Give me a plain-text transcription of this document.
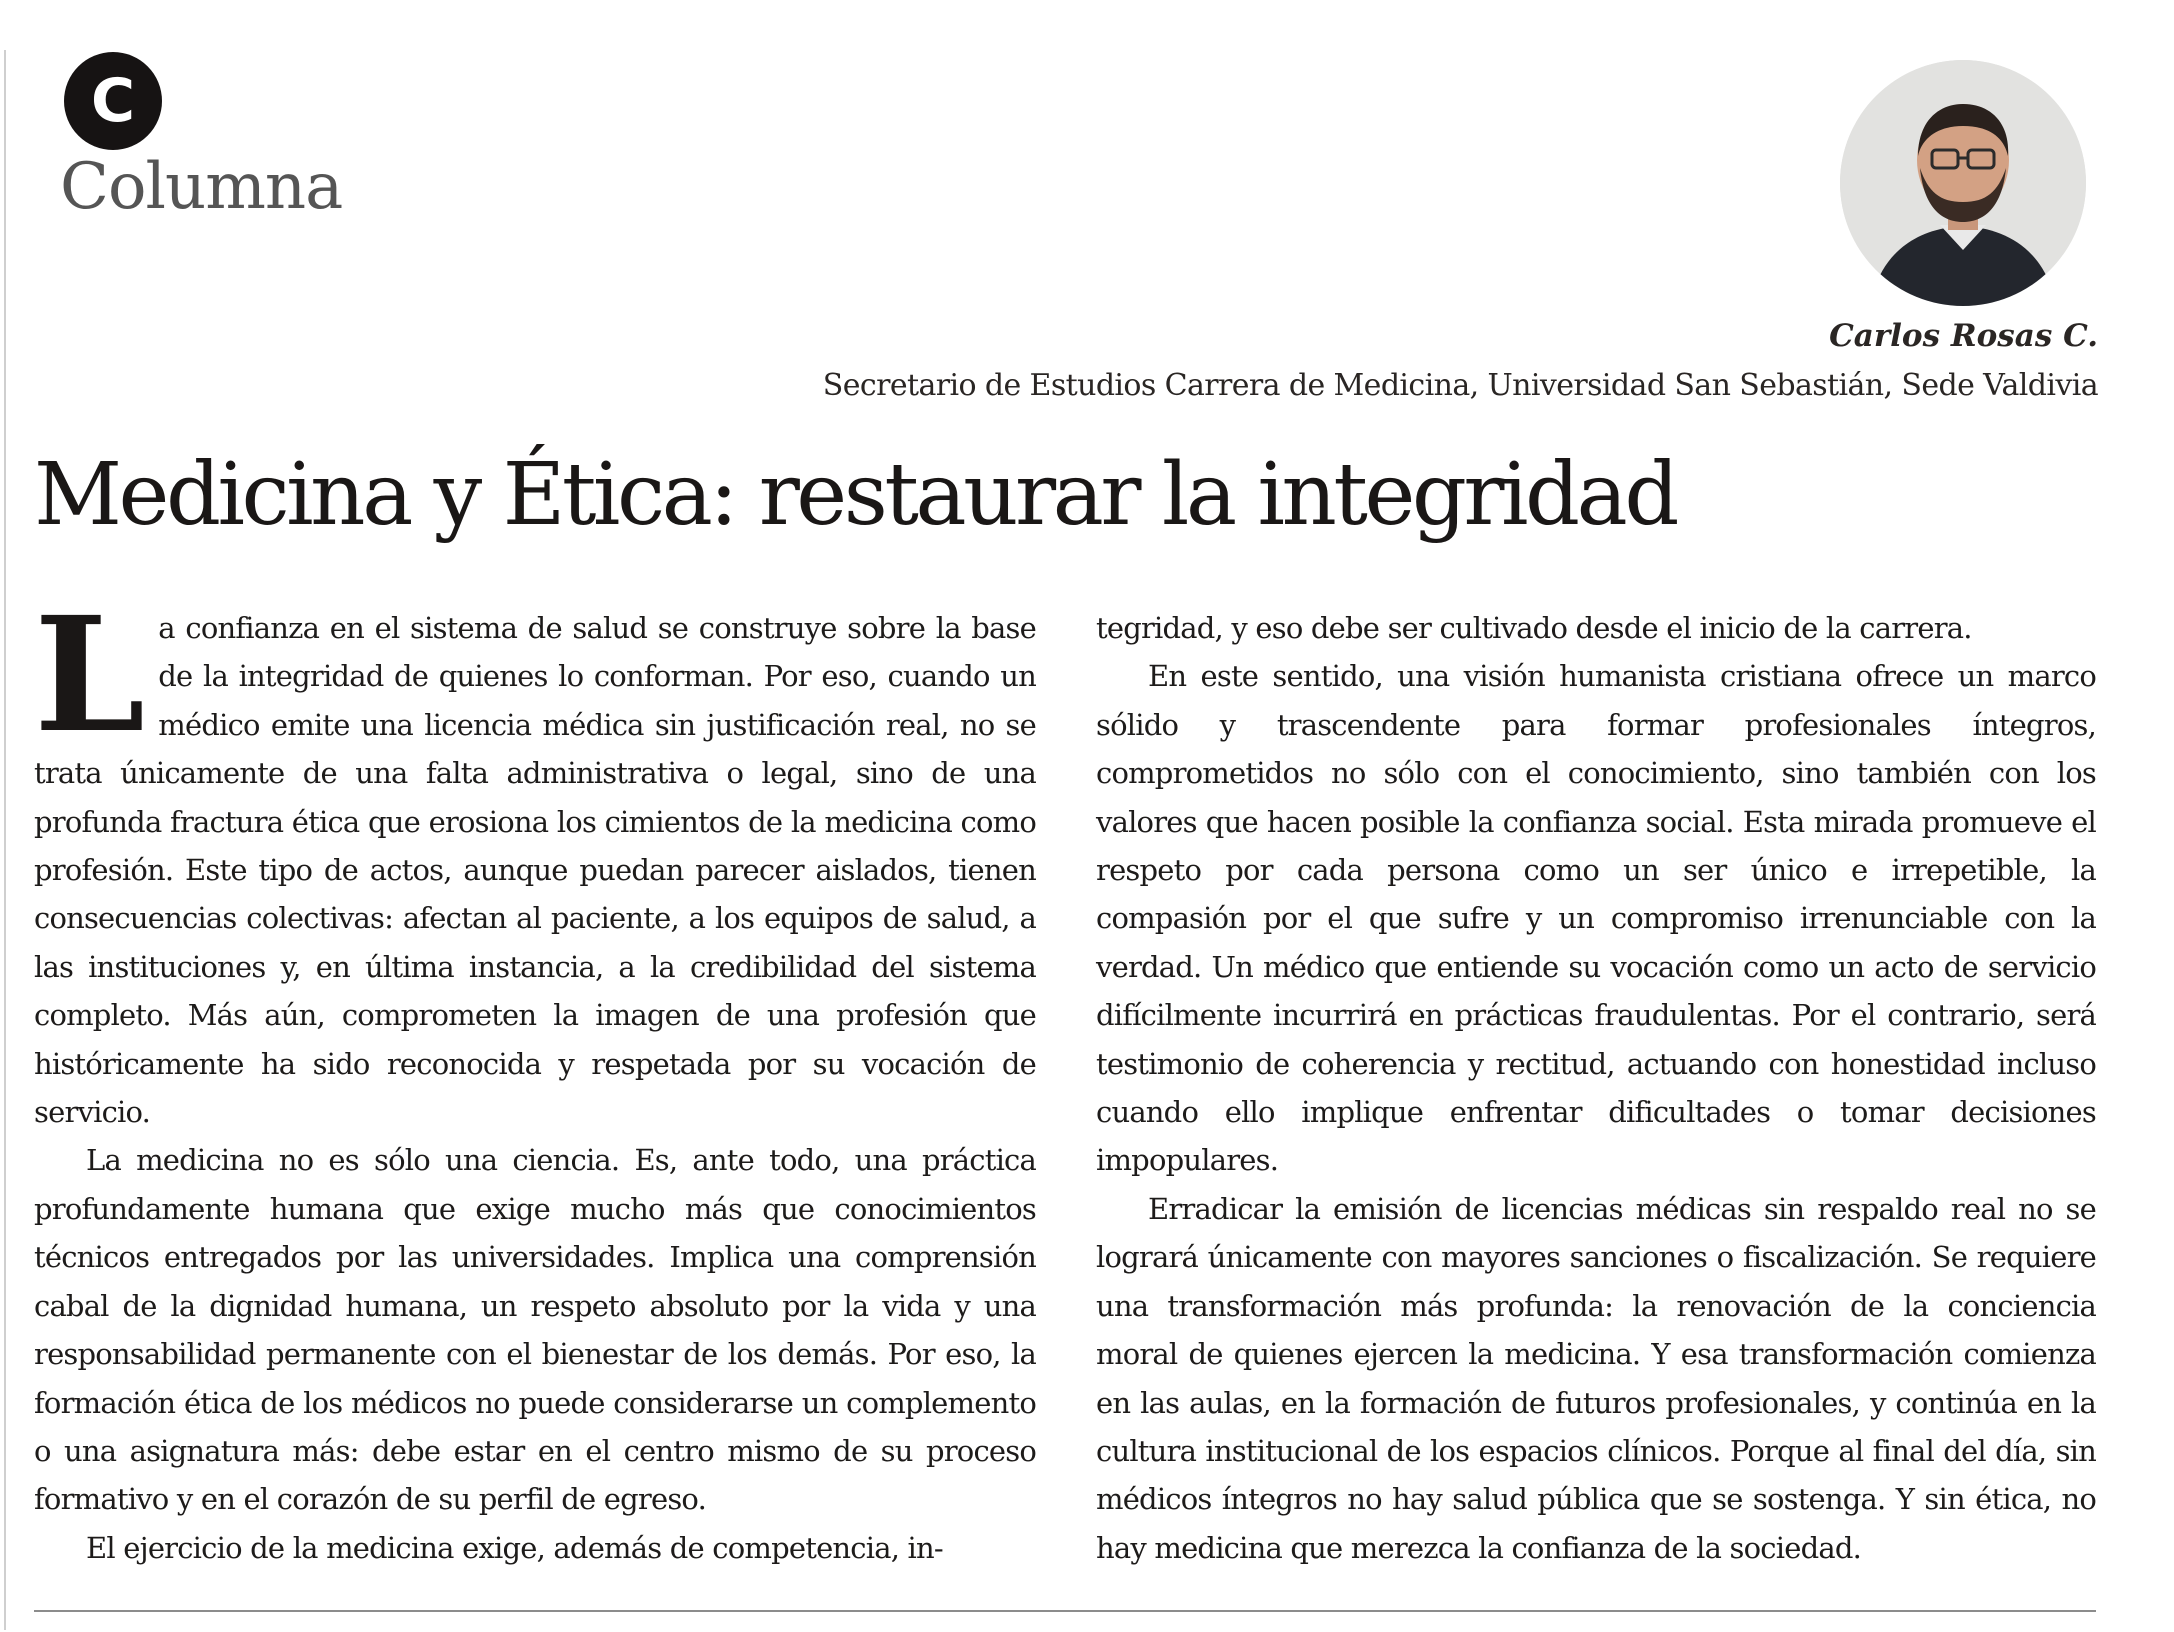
C
Columna
Carlos Rosas C.
Secretario de Estudios Carrera de Medicina, Universidad San Sebastián, Sede Valdivia
Medicina y Ética: restaurar la integridad

L a confianza en el sistema de salud se construye sobre la base de la integridad de quienes lo conforman. Por eso, cuando un médico emite una licencia médica sin justificación real, no se trata únicamente de una falta administrativa o legal, sino de una profunda fractura ética que erosiona los cimientos de la medicina como profesión. Este tipo de actos, aunque puedan parecer aislados, tienen consecuencias colectivas: afectan al paciente, a los equipos de salud, a las instituciones y, en última instancia, a la credibilidad del sistema completo. Más aún, comprometen la imagen de una profesión que históricamente ha sido reconocida y respetada por su vocación de servicio.

La medicina no es sólo una ciencia. Es, ante todo, una práctica profundamente humana que exige mucho más que conocimientos técnicos entregados por las universidades. Implica una comprensión cabal de la dignidad humana, un respeto absoluto por la vida y una responsabilidad permanente con el bienestar de los demás. Por eso, la formación ética de los médicos no puede considerarse un complemento o una asignatura más: debe estar en el centro mismo de su proceso formativo y en el corazón de su perfil de egreso.

El ejercicio de la medicina exige, además de competencia, in-

tegridad, y eso debe ser cultivado desde el inicio de la carrera.

En este sentido, una visión humanista cristiana ofrece un marco sólido y trascendente para formar profesionales íntegros, comprometidos no sólo con el conocimiento, sino también con los valores que hacen posible la confianza social. Esta mirada promueve el respeto por cada persona como un ser único e irrepetible, la compasión por el que sufre y un compromiso irrenunciable con la verdad. Un médico que entiende su vocación como un acto de servicio difícilmente incurrirá en prácticas fraudulentas. Por el contrario, será testimonio de coherencia y rectitud, actuando con honestidad incluso cuando ello implique enfrentar dificultades o tomar decisiones impopulares.

Erradicar la emisión de licencias médicas sin respaldo real no se logrará únicamente con mayores sanciones o fiscalización. Se requiere una transformación más profunda: la renovación de la conciencia moral de quienes ejercen la medicina. Y esa transformación comienza en las aulas, en la formación de futuros profesionales, y continúa en la cultura institucional de los espacios clínicos. Porque al final del día, sin médicos íntegros no hay salud pública que se sostenga. Y sin ética, no hay medicina que merezca la confianza de la sociedad.
